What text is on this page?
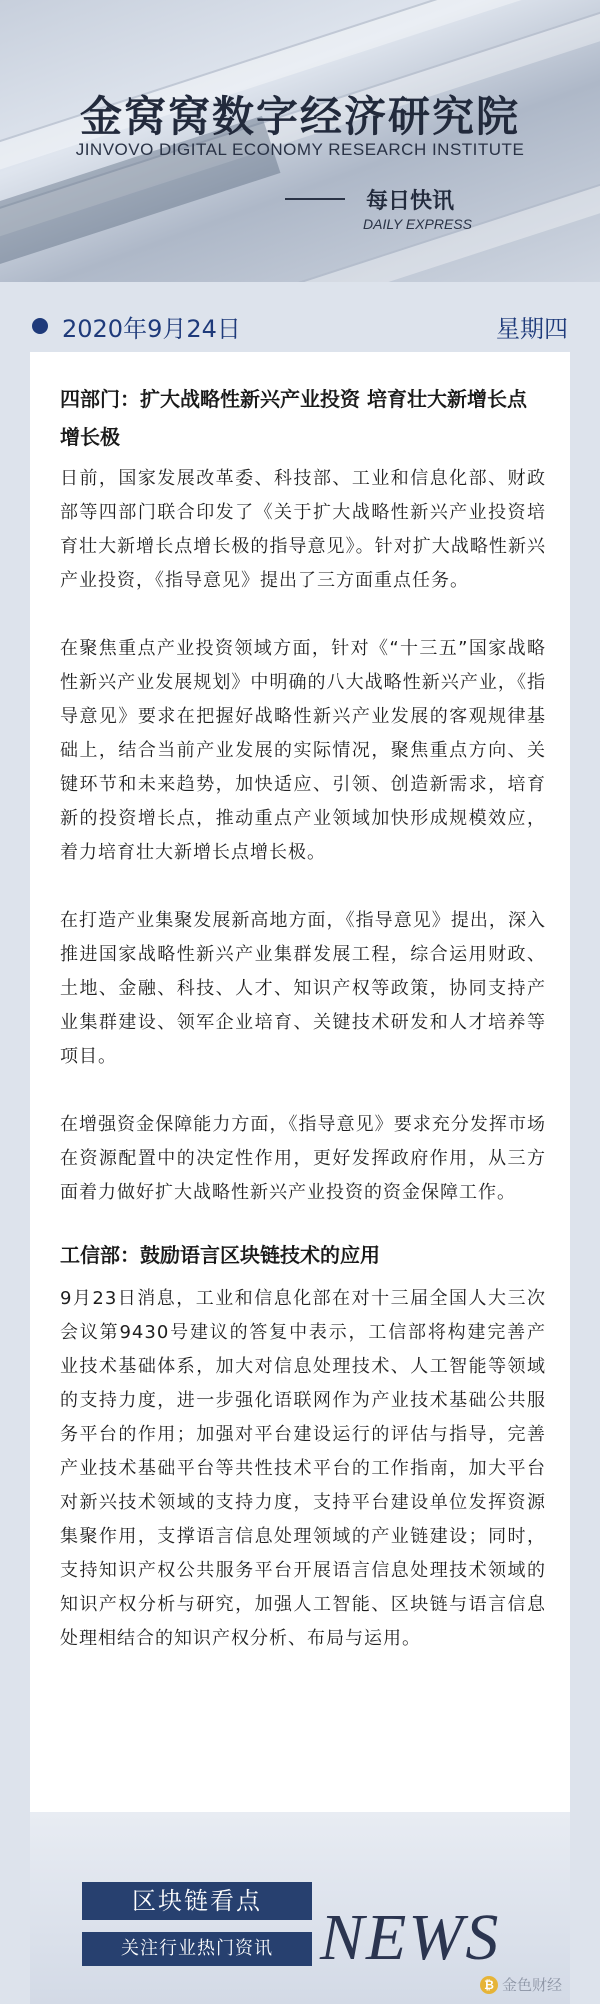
金窝窝数字经济研究院
JINVOVO DIGITAL ECONOMY RESEARCH INSTITUTE
每日快讯
DAILY EXPRESS
2020年9月24日	星期四

四部门：扩大战略性新兴产业投资 培育壮大新增长点增长极

日前，国家发展改革委、科技部、工业和信息化部、财政部等四部门联合印发了《关于扩大战略性新兴产业投资培育壮大新增长点增长极的指导意见》。针对扩大战略性新兴产业投资，《指导意见》提出了三方面重点任务。

在聚焦重点产业投资领域方面，针对《“十三五”国家战略性新兴产业发展规划》中明确的八大战略性新兴产业，《指导意见》要求在把握好战略性新兴产业发展的客观规律基础上，结合当前产业发展的实际情况，聚焦重点方向、关键环节和未来趋势，加快适应、引领、创造新需求，培育新的投资增长点，推动重点产业领域加快形成规模效应，着力培育壮大新增长点增长极。

在打造产业集聚发展新高地方面，《指导意见》提出，深入推进国家战略性新兴产业集群发展工程，综合运用财政、土地、金融、科技、人才、知识产权等政策，协同支持产业集群建设、领军企业培育、关键技术研发和人才培养等项目。

在增强资金保障能力方面，《指导意见》要求充分发挥市场在资源配置中的决定性作用，更好发挥政府作用，从三方面着力做好扩大战略性新兴产业投资的资金保障工作。

工信部：鼓励语言区块链技术的应用

9月23日消息，工业和信息化部在对十三届全国人大三次会议第9430号建议的答复中表示，工信部将构建完善产业技术基础体系，加大对信息处理技术、人工智能等领域的支持力度，进一步强化语联网作为产业技术基础公共服务平台的作用；加强对平台建设运行的评估与指导，完善产业技术基础平台等共性技术平台的工作指南，加大平台对新兴技术领域的支持力度，支持平台建设单位发挥资源集聚作用，支撑语言信息处理领域的产业链建设；同时，支持知识产权公共服务平台开展语言信息处理技术领域的知识产权分析与研究，加强人工智能、区块链与语言信息处理相结合的知识产权分析、布局与运用。

区块链看点
关注行业热门资讯 NEWS
₿ 金色财经
